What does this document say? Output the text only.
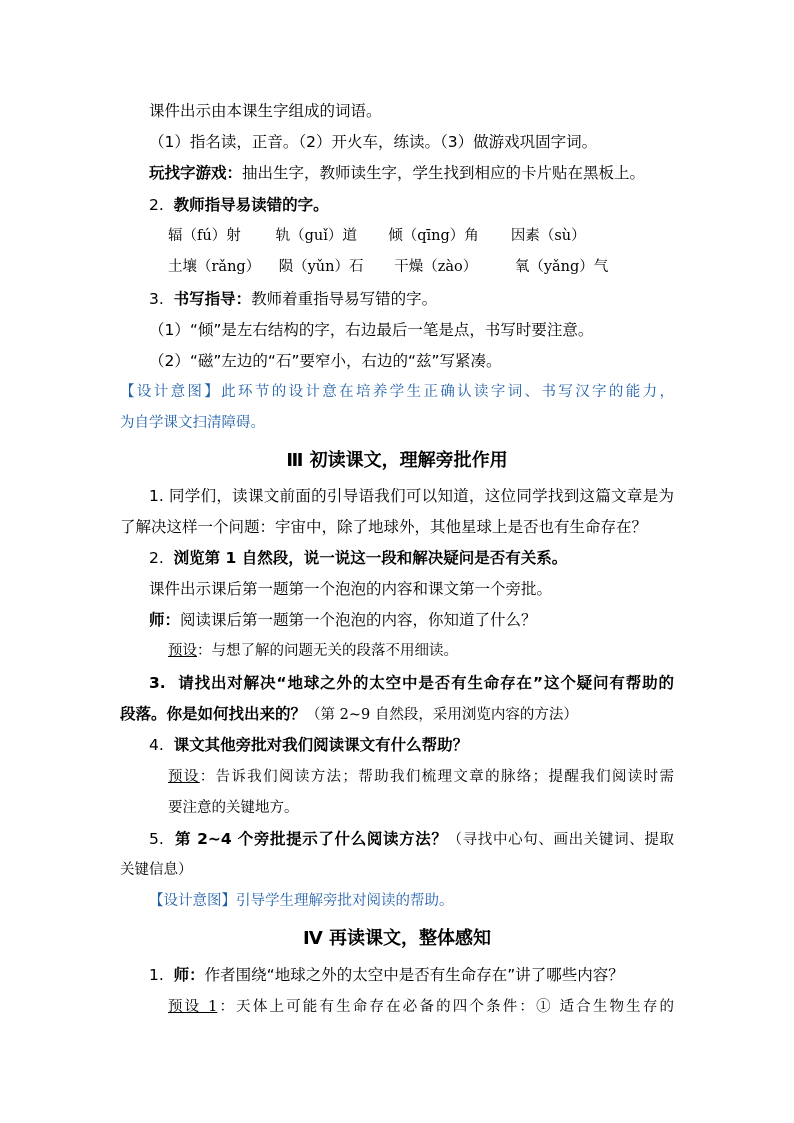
课件出示由本课生字组成的词语。
（1）指名读，正音。（2）开火车，练读。（3）做游戏巩固字词。
玩找字游戏：抽出生字，教师读生字，学生找到相应的卡片贴在黑板上。
2. 教师指导易读错的字。
辐（fú）射 轨（guǐ）道 倾（qīng）角 因素（sù）
土壤（rǎng） 陨（yǔn）石 干燥（zào）	氧（yǎng）气
3. 书写指导：教师着重指导易写错的字。
（1）“倾”是左右结构的字，右边最后一笔是点，书写时要注意。
（2）“磁”左边的“石”要窄小，右边的“兹”写紧凑。
【设计意图】此环节的设计意在培养学生正确认读字词、书写汉字的能力，
为自学课文扫清障碍。
Ⅲ 初读课文，理解旁批作用
1. 同学们，读课文前面的引导语我们可以知道，这位同学找到这篇文章是为
了解决这样一个问题：宇宙中，除了地球外，其他星球上是否也有生命存在？
2. 浏览第 1 自然段，说一说这一段和解决疑问是否有关系。
课件出示课后第一题第一个泡泡的内容和课文第一个旁批。
师：阅读课后第一题第一个泡泡的内容，你知道了什么？
预设：与想了解的问题无关的段落不用细读。
3. 请找出对解决“地球之外的太空中是否有生命存在”这个疑问有帮助的
段落。你是如何找出来的？（第 2~9 自然段，采用浏览内容的方法）
4. 课文其他旁批对我们阅读课文有什么帮助？
预设：告诉我们阅读方法；帮助我们梳理文章的脉络；提醒我们阅读时需
要注意的关键地方。
5. 第 2~4 个旁批提示了什么阅读方法？（寻找中心句、画出关键词、提取
关键信息）
【设计意图】引导学生理解旁批对阅读的帮助。
Ⅳ 再读课文，整体感知
1. 师：作者围绕“地球之外的太空中是否有生命存在”讲了哪些内容？
预设 1：天体上可能有生命存在必备的四个条件：① 适合生物生存的
